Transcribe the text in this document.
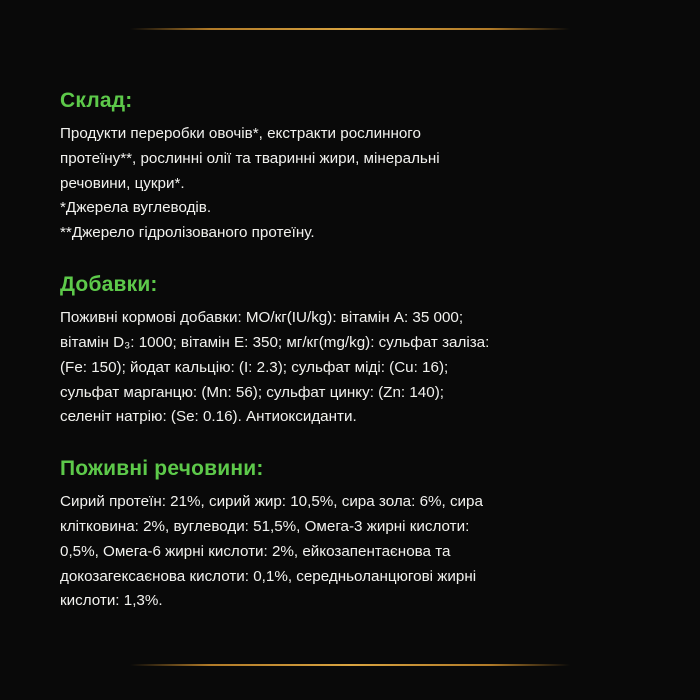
Склад:

Продукти переробки овочів*, екстракти рослинного
протеїну**, рослинні олії та тваринні жири, мінеральні
речовини, цукри*.
*Джерела вуглеводів.
**Джерело гідролізованого протеїну.

Добавки:

Поживні кормові добавки: МО/кг(IU/kg): вітамін A: 35 000;
вітамін D₃: 1000; вітамін E: 350; мг/кг(mg/kg): сульфат заліза:
(Fe: 150); йодат кальцію: (I: 2.3); сульфат міді: (Cu: 16);
сульфат марганцю: (Mn: 56); сульфат цинку: (Zn: 140);
селеніт натрію: (Se: 0.16). Антиоксиданти.

Поживні речовини:

Сирий протеїн: 21%, сирий жир: 10,5%, сира зола: 6%, сира
клітковина: 2%, вуглеводи: 51,5%, Омега-3 жирні кислоти:
0,5%, Омега-6 жирні кислоти: 2%, ейкозапентаєнова та
докозагексаєнова кислоти: 0,1%, середньоланцюгові жирні
кислоти: 1,3%.
